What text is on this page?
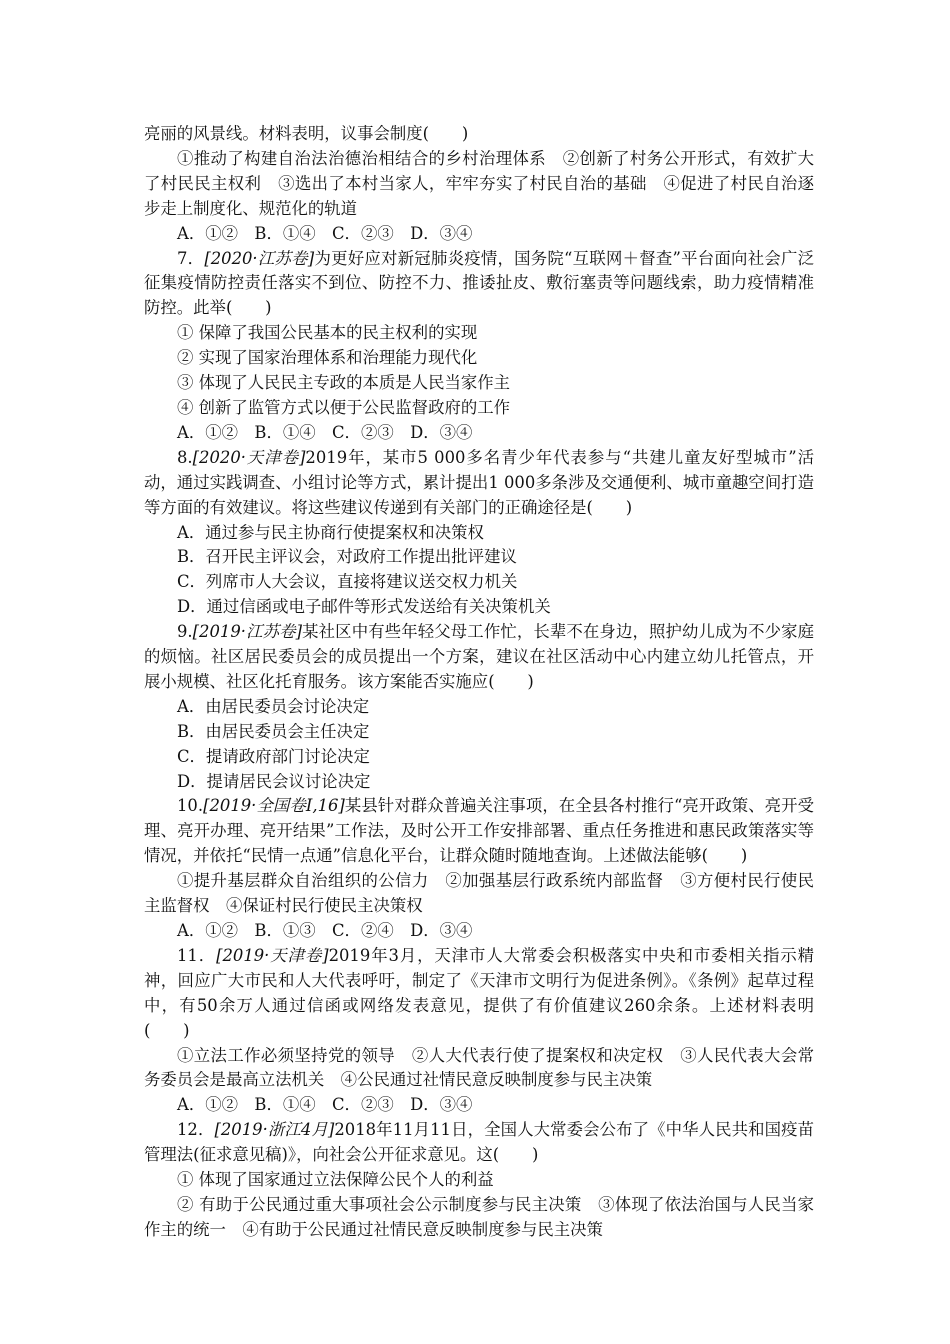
亮丽的风景线。材料表明，议事会制度(　　)

①推动了构建自治法治德治相结合的乡村治理体系　②创新了村务公开形式，有效扩大了村民民主权利　③选出了本村当家人，牢牢夯实了村民自治的基础　④促进了村民自治逐步走上制度化、规范化的轨道

A．①②　B．①④　C．②③　D．③④

7．[2020·江苏卷]为更好应对新冠肺炎疫情，国务院“互联网＋督查”平台面向社会广泛征集疫情防控责任落实不到位、防控不力、推诿扯皮、敷衍塞责等问题线索，助力疫情精准防控。此举(　　)

① 保障了我国公民基本的民主权利的实现

② 实现了国家治理体系和治理能力现代化

③ 体现了人民民主专政的本质是人民当家作主

④ 创新了监管方式以便于公民监督政府的工作

A．①②　B．①④　C．②③　D．③④

8.[2020·天津卷]2019年，某市5 000多名青少年代表参与“共建儿童友好型城市”活动，通过实践调查、小组讨论等方式，累计提出1 000多条涉及交通便利、城市童趣空间打造等方面的有效建议。将这些建议传递到有关部门的正确途径是(　　)

A．通过参与民主协商行使提案权和决策权

B．召开民主评议会，对政府工作提出批评建议

C．列席市人大会议，直接将建议送交权力机关

D．通过信函或电子邮件等形式发送给有关决策机关

9.[2019·江苏卷]某社区中有些年轻父母工作忙，长辈不在身边，照护幼儿成为不少家庭的烦恼。社区居民委员会的成员提出一个方案，建议在社区活动中心内建立幼儿托管点，开展小规模、社区化托育服务。该方案能否实施应(　　)

A．由居民委员会讨论决定

B．由居民委员会主任决定

C．提请政府部门讨论决定

D．提请居民会议讨论决定

10.[2019·全国卷Ⅰ,16]某县针对群众普遍关注事项，在全县各村推行“亮开政策、亮开受理、亮开办理、亮开结果”工作法，及时公开工作安排部署、重点任务推进和惠民政策落实等情况，并依托“民情一点通”信息化平台，让群众随时随地查询。上述做法能够(　　)

①提升基层群众自治组织的公信力　②加强基层行政系统内部监督　③方便村民行使民主监督权　④保证村民行使民主决策权

A．①②　B．①③　C．②④　D．③④

11．[2019·天津卷]2019年3月，天津市人大常委会积极落实中央和市委相关指示精神，回应广大市民和人大代表呼吁，制定了《天津市文明行为促进条例》。《条例》起草过程中，有50余万人通过信函或网络发表意见，提供了有价值建议260余条。上述材料表明(　　)

①立法工作必须坚持党的领导　②人大代表行使了提案权和决定权　③人民代表大会常务委员会是最高立法机关　④公民通过社情民意反映制度参与民主决策

A．①②　B．①④　C．②③　D．③④

12．[2019·浙江4月]2018年11月11日，全国人大常委会公布了《中华人民共和国疫苗管理法(征求意见稿)》，向社会公开征求意见。这(　　)

① 体现了国家通过立法保障公民个人的利益

② 有助于公民通过重大事项社会公示制度参与民主决策　③体现了依法治国与人民当家作主的统一　④有助于公民通过社情民意反映制度参与民主决策
